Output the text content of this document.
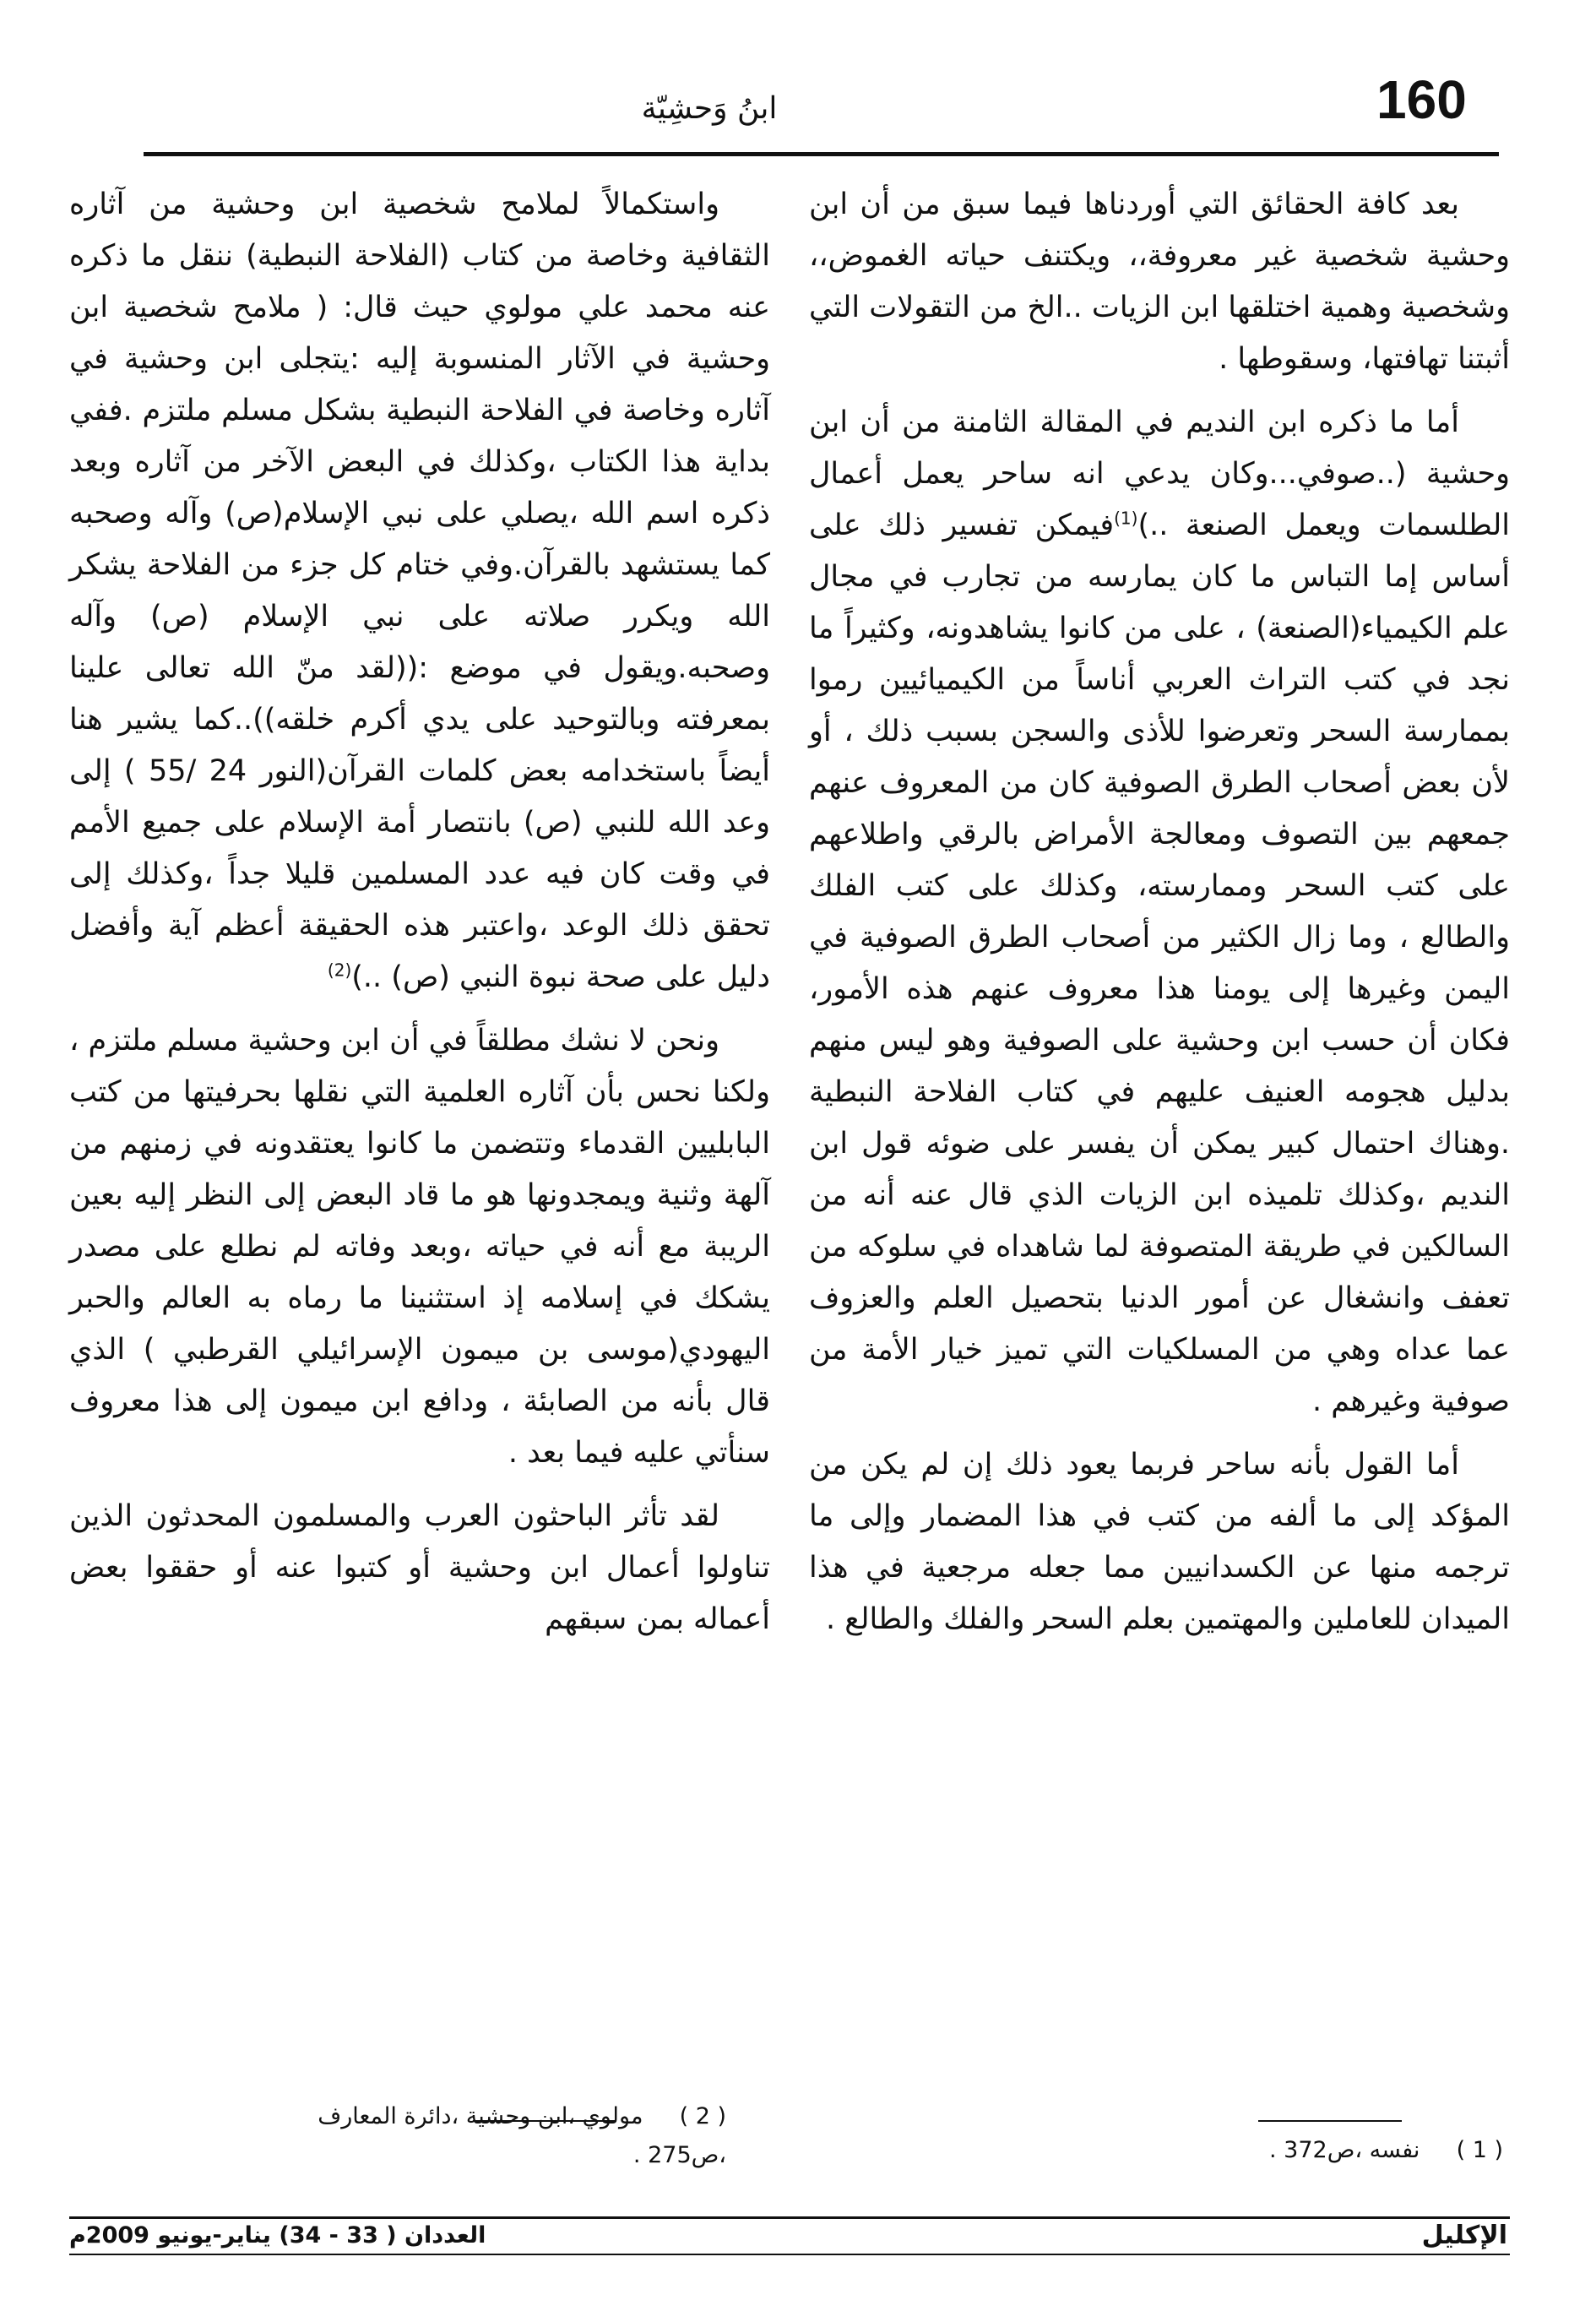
160
ابنُ وَحشِيّة

بعد كافة الحقائق التي أوردناها فيما سبق من أن ابن وحشية شخصية غير معروفة،، ويكتنف حياته الغموض،، وشخصية وهمية اختلقها ابن الزيات ..الخ من التقولات التي أثبتنا تهافتها، وسقوطها .

أما ما ذكره ابن النديم في المقالة الثامنة من أن ابن وحشية (..صوفي...وكان يدعي انه ساحر يعمل أعمال الطلسمات ويعمل الصنعة ..)$^{(1)}$فيمكن تفسير ذلك على أساس إما التباس ما كان يمارسه من تجارب في مجال علم الكيمياء(الصنعة) ، على من كانوا يشاهدونه، وكثيراً ما نجد في كتب التراث العربي أناساً من الكيميائيين رموا بممارسة السحر وتعرضوا للأذى والسجن بسبب ذلك ، أو لأن بعض أصحاب الطرق الصوفية كان من المعروف عنهم جمعهم بين التصوف ومعالجة الأمراض بالرقي واطلاعهم على كتب السحر وممارسته، وكذلك على كتب الفلك والطالع ، وما زال الكثير من أصحاب الطرق الصوفية في اليمن وغيرها إلى يومنا هذا معروف عنهم هذه الأمور، فكان أن حسب ابن وحشية على الصوفية وهو ليس منهم بدليل هجومه العنيف عليهم في كتاب الفلاحة النبطية .وهناك احتمال كبير يمكن أن يفسر على ضوئه قول ابن النديم ،وكذلك تلميذه ابن الزيات الذي قال عنه أنه من السالكين في طريقة المتصوفة لما شاهداه في سلوكه من تعفف وانشغال عن أمور الدنيا بتحصيل العلم والعزوف عما عداه وهي من المسلكيات التي تميز خيار الأمة من صوفية وغيرهم .

أما القول بأنه ساحر فربما يعود ذلك إن لم يكن من المؤكد إلى ما ألفه من كتب في هذا المضمار وإلى ما ترجمه منها عن الكسدانيين مما جعله مرجعية في هذا الميدان للعاملين والمهتمين بعلم السحر والفلك والطالع .

واستكمالاً لملامح شخصية ابن وحشية من آثاره الثقافية وخاصة من كتاب (الفلاحة النبطية) ننقل ما ذكره عنه محمد علي مولوي حيث قال: ( ملامح شخصية ابن وحشية في الآثار المنسوبة إليه :يتجلى ابن وحشية في آثاره وخاصة في الفلاحة النبطية بشكل مسلم ملتزم .ففي بداية هذا الكتاب ،وكذلك في البعض الآخر من آثاره وبعد ذكره اسم الله ،يصلي على نبي الإسلام(ص) وآله وصحبه كما يستشهد بالقرآن.وفي ختام كل جزء من الفلاحة يشكر الله ويكرر صلاته على نبي الإسلام (ص) وآله وصحبه.ويقول في موضع :((لقد منّ الله تعالى علينا بمعرفته وبالتوحيد على يدي أكرم خلقه))..كما يشير هنا أيضاً باستخدامه بعض كلمات القرآن(النور 24 /55 ) إلى وعد الله للنبي (ص) بانتصار أمة الإسلام على جميع الأمم في وقت كان فيه عدد المسلمين قليلا جداً ،وكذلك إلى تحقق ذلك الوعد ،واعتبر هذه الحقيقة أعظم آية وأفضل دليل على صحة نبوة النبي (ص) ..)$^{(2)}$

ونحن لا نشك مطلقاً في أن ابن وحشية مسلم ملتزم ، ولكنا نحس بأن آثاره العلمية التي نقلها بحرفيتها من كتب البابليين القدماء وتتضمن ما كانوا يعتقدونه في زمنهم من آلهة وثنية ويمجدونها هو ما قاد البعض إلى النظر إليه بعين الريبة مع أنه في حياته ،وبعد وفاته لم نطلع على مصدر يشكك في إسلامه إذ استثنينا ما رماه به العالم والحبر اليهودي(موسى بن ميمون الإسرائيلي القرطبي ) الذي قال بأنه من الصابئة ، ودافع ابن ميمون إلى هذا معروف سنأتي عليه فيما بعد .

لقد تأثر الباحثون العرب والمسلمون المحدثون الذين تناولوا أعمال ابن وحشية أو كتبوا عنه أو حققوا بعض أعماله بمن سبقهم

( 1 ) نفسه ،ص372 .
( 2 ) مولوي ،ابن وحشية ،دائرة المعارف
،ص275 .
الإكليل
العددان ( 33 - 34) يناير-يونيو 2009م
